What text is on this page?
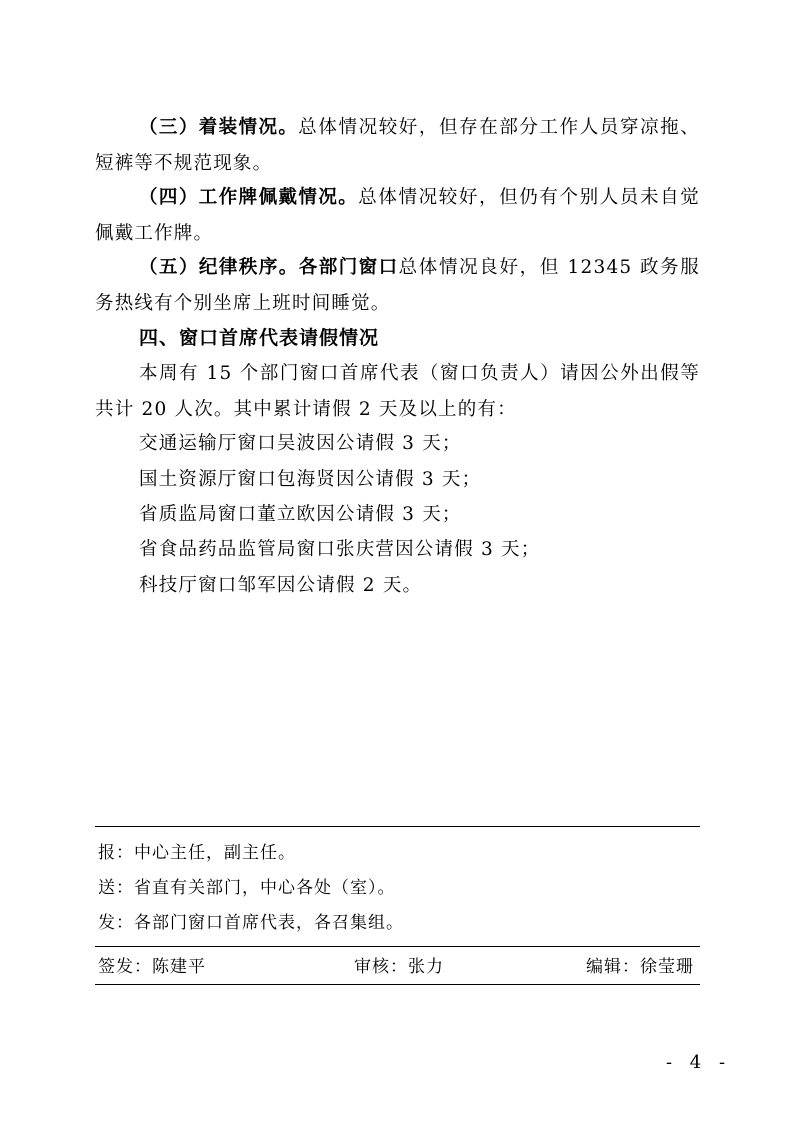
（三）着装情况。总体情况较好，但存在部分工作人员穿凉拖、短裤等不规范现象。
（四）工作牌佩戴情况。总体情况较好，但仍有个别人员未自觉佩戴工作牌。
（五）纪律秩序。各部门窗口总体情况良好，但 12345 政务服务热线有个别坐席上班时间睡觉。
四、窗口首席代表请假情况
本周有 15 个部门窗口首席代表（窗口负责人）请因公外出假等共计 20 人次。其中累计请假 2 天及以上的有：
交通运输厅窗口吴波因公请假 3 天；
国土资源厅窗口包海贤因公请假 3 天；
省质监局窗口董立欧因公请假 3 天；
省食品药品监管局窗口张庆营因公请假 3 天；
科技厅窗口邹军因公请假 2 天。
报：中心主任，副主任。
送：省直有关部门，中心各处（室）。
发：各部门窗口首席代表，各召集组。
签发：陈建平	审核：张力	编辑：徐莹珊
- 4 -
